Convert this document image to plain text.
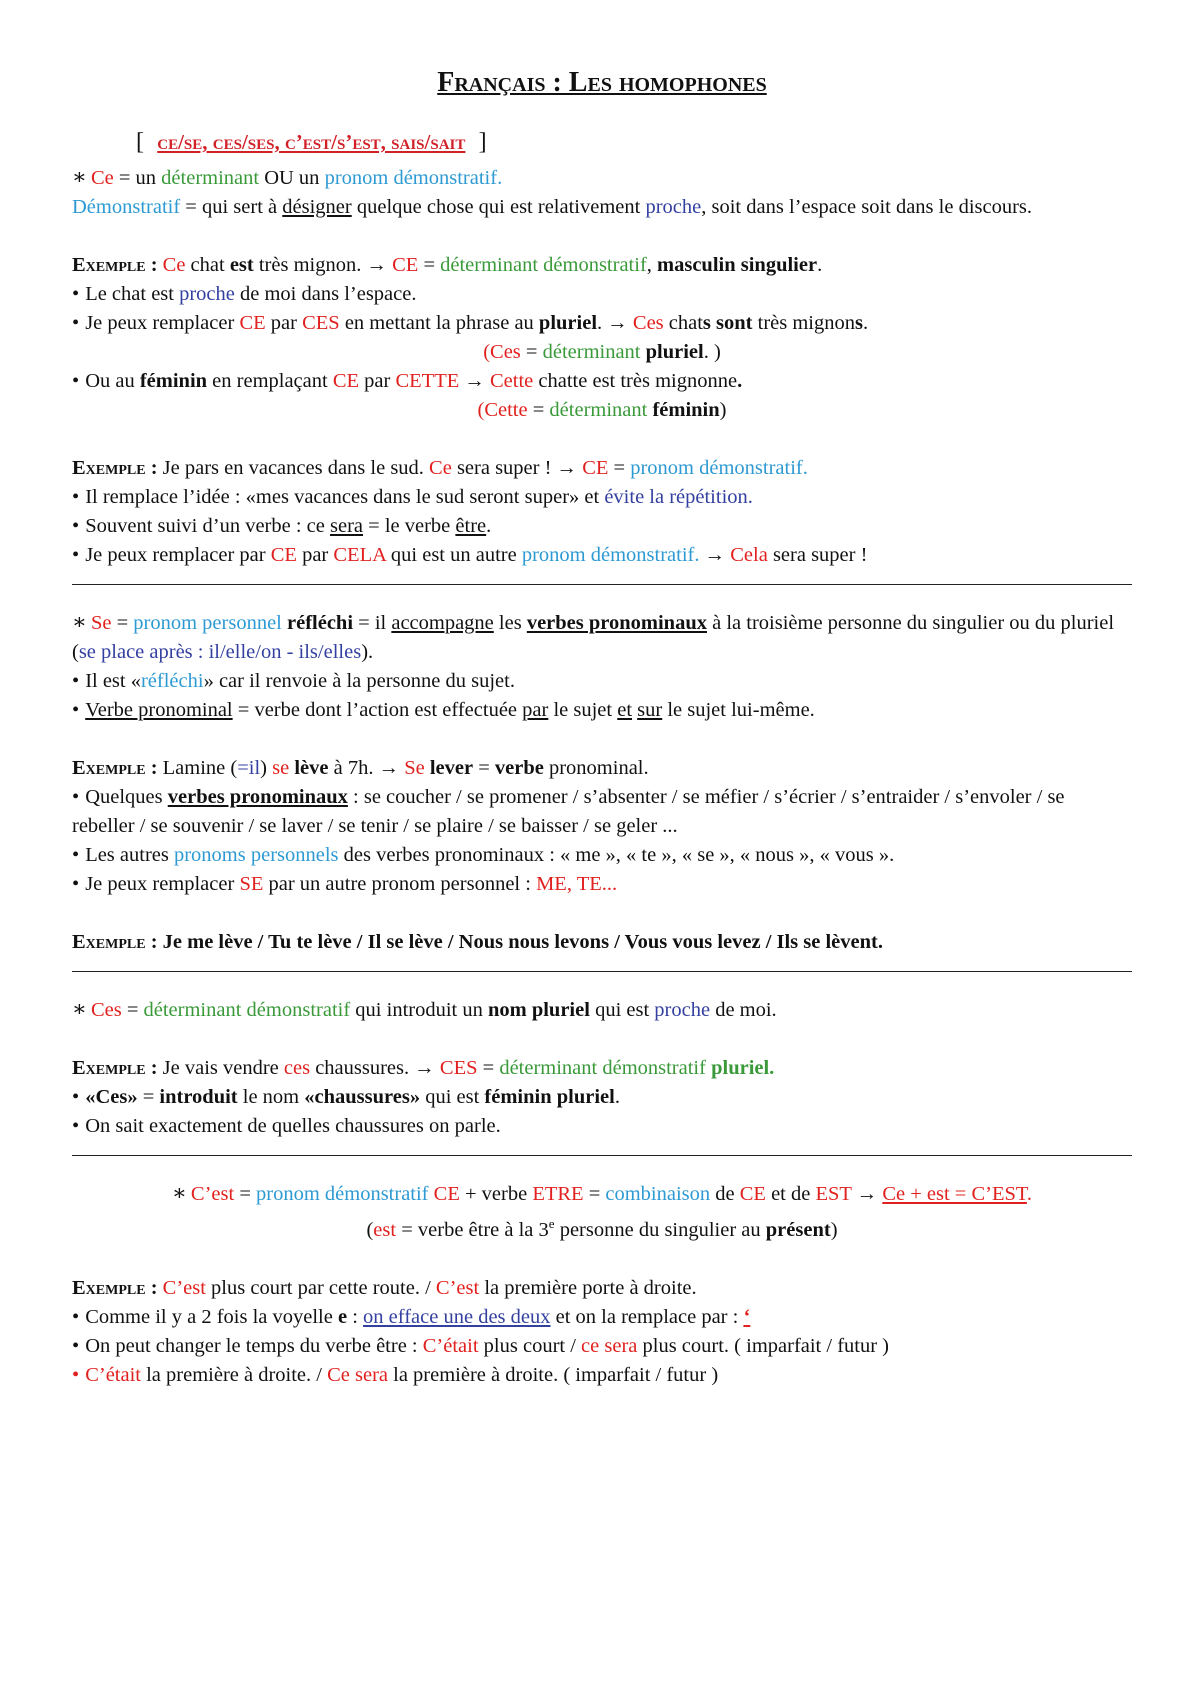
Français : Les homophones
[ ce/se, ces/ses, c’est/s’est, sais/sait ]

∗ Ce = un déterminant OU un pronom démonstratif.

Démonstratif = qui sert à désigner quelque chose qui est relativement proche, soit dans l’espace soit dans le discours.

Exemple : Ce chat est très mignon. → CE = déterminant démonstratif, masculin singulier.

• Le chat est proche de moi dans l’espace.

• Je peux remplacer CE par CES en mettant la phrase au pluriel. → Ces chats sont très mignons.

(Ces = déterminant pluriel. )

• Ou au féminin en remplaçant CE par CETTE → Cette chatte est très mignonne.

(Cette = déterminant féminin)

Exemple : Je pars en vacances dans le sud. Ce sera super ! → CE = pronom démonstratif.

• Il remplace l’idée : «mes vacances dans le sud seront super» et évite la répétition.

• Souvent suivi d’un verbe : ce sera = le verbe être.

• Je peux remplacer par CE par CELA qui est un autre pronom démonstratif. → Cela sera super !

∗ Se = pronom personnel réfléchi = il accompagne les verbes pronominaux à la troisième personne du singulier ou du pluriel (se place après : il/elle/on - ils/elles).

• Il est «réfléchi» car il renvoie à la personne du sujet.

• Verbe pronominal = verbe dont l’action est effectuée par le sujet et sur le sujet lui-même.

Exemple : Lamine (=il) se lève à 7h. → Se lever = verbe pronominal.

• Quelques verbes pronominaux : se coucher / se promener / s’absenter / se méfier / s’écrier / s’entraider / s’envoler / se rebeller / se souvenir / se laver / se tenir / se plaire / se baisser / se geler ...

• Les autres pronoms personnels des verbes pronominaux : « me », « te », « se », « nous », « vous ».

• Je peux remplacer SE par un autre pronom personnel : ME, TE...

Exemple : Je me lève / Tu te lève / Il se lève / Nous nous levons / Vous vous levez / Ils se lèvent.

∗ Ces = déterminant démonstratif qui introduit un nom pluriel qui est proche de moi.

Exemple : Je vais vendre ces chaussures. → CES = déterminant démonstratif pluriel.

• «Ces» = introduit le nom «chaussures» qui est féminin pluriel.

• On sait exactement de quelles chaussures on parle.

∗ C’est = pronom démonstratif CE + verbe ETRE = combinaison de CE et de EST → Ce + est = C’EST.

(est = verbe être à la 3e personne du singulier au présent)

Exemple : C’est plus court par cette route. / C’est la première porte à droite.

• Comme il y a 2 fois la voyelle e : on efface une des deux et on la remplace par : ‘

• On peut changer le temps du verbe être : C’était plus court / ce sera plus court. ( imparfait / futur )

• C’était la première à droite. / Ce sera la première à droite. ( imparfait / futur )
